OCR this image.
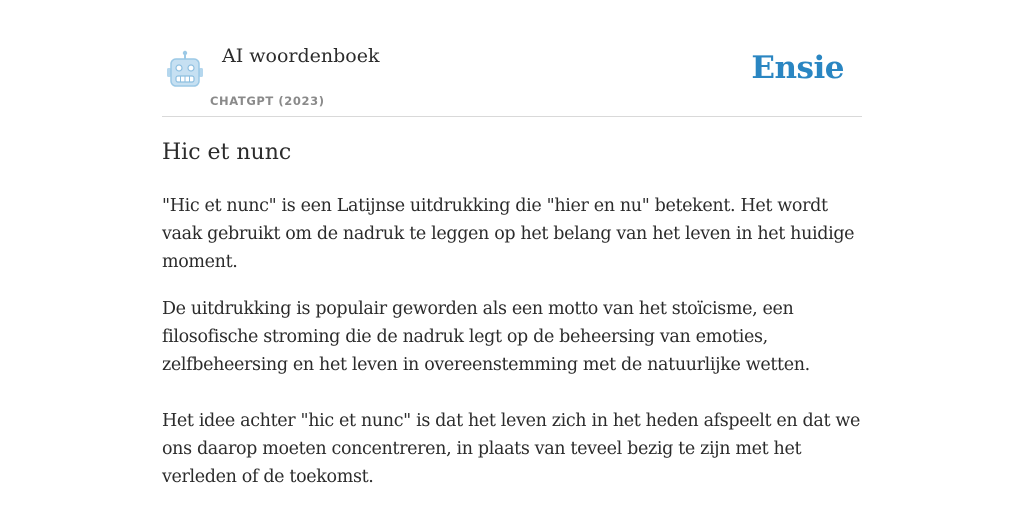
AI woordenboek
CHATGPT (2023)
Ensie
Hic et nunc

"Hic et nunc" is een Latijnse uitdrukking die "hier en nu" betekent. Het wordt vaak gebruikt om de nadruk te leggen op het belang van het leven in het huidige moment.

De uitdrukking is populair geworden als een motto van het stoïcisme, een filosofische stroming die de nadruk legt op de beheersing van emoties, zelfbeheersing en het leven in overeenstemming met de natuurlijke wetten.

Het idee achter "hic et nunc" is dat het leven zich in het heden afspeelt en dat we ons daarop moeten concentreren, in plaats van teveel bezig te zijn met het verleden of de toekomst.
